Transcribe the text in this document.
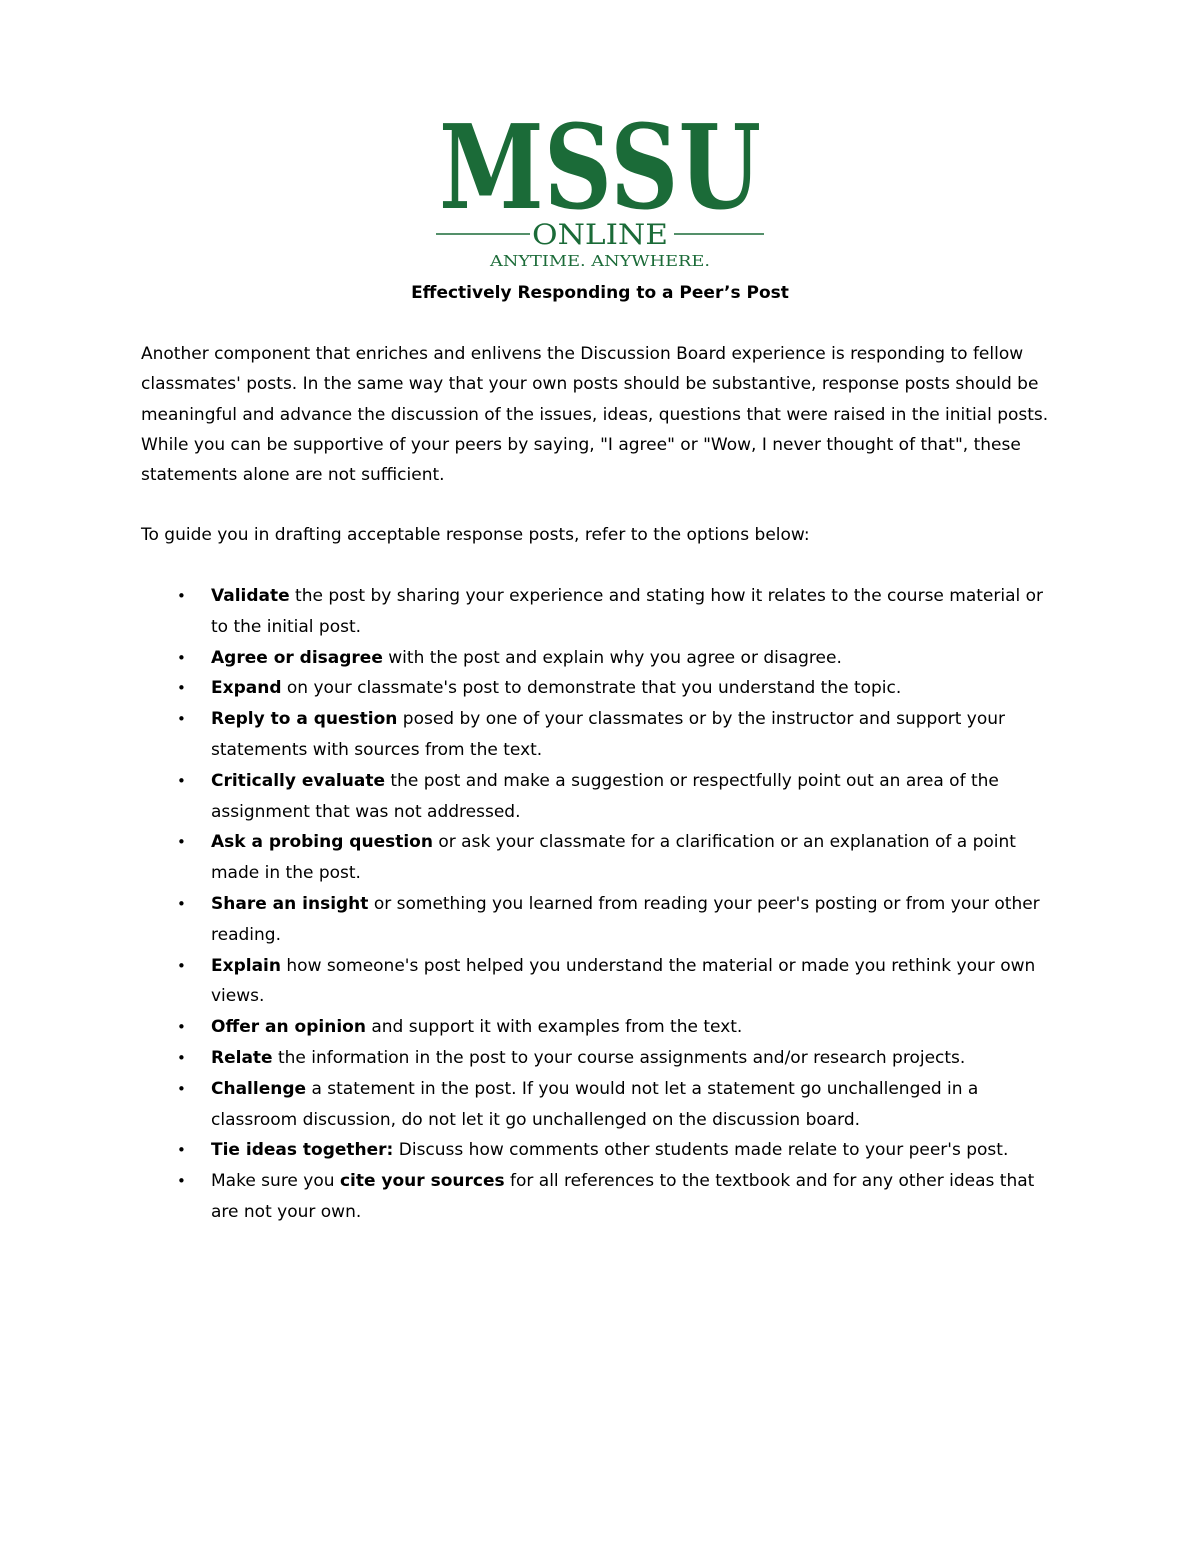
MSSU
ONLINE
ANYTIME. ANYWHERE.
Effectively Responding to a Peer’s Post

Another component that enriches and enlivens the Discussion Board experience is responding to fellow classmates' posts. In the same way that your own posts should be substantive, response posts should be meaningful and advance the discussion of the issues, ideas, questions that were raised in the initial posts. While you can be supportive of your peers by saying, "I agree" or "Wow, I never thought of that", these statements alone are not sufficient.

To guide you in drafting acceptable response posts, refer to the options below:

• Validate the post by sharing your experience and stating how it relates to the course material or to the initial post.
• Agree or disagree with the post and explain why you agree or disagree.
• Expand on your classmate's post to demonstrate that you understand the topic.
• Reply to a question posed by one of your classmates or by the instructor and support your statements with sources from the text.
• Critically evaluate the post and make a suggestion or respectfully point out an area of the assignment that was not addressed.
• Ask a probing question or ask your classmate for a clarification or an explanation of a point made in the post.
• Share an insight or something you learned from reading your peer's posting or from your other reading.
• Explain how someone's post helped you understand the material or made you rethink your own views.
• Offer an opinion and support it with examples from the text.
• Relate the information in the post to your course assignments and/or research projects.
• Challenge a statement in the post. If you would not let a statement go unchallenged in a classroom discussion, do not let it go unchallenged on the discussion board.
• Tie ideas together: Discuss how comments other students made relate to your peer's post.
• Make sure you cite your sources for all references to the textbook and for any other ideas that are not your own.
